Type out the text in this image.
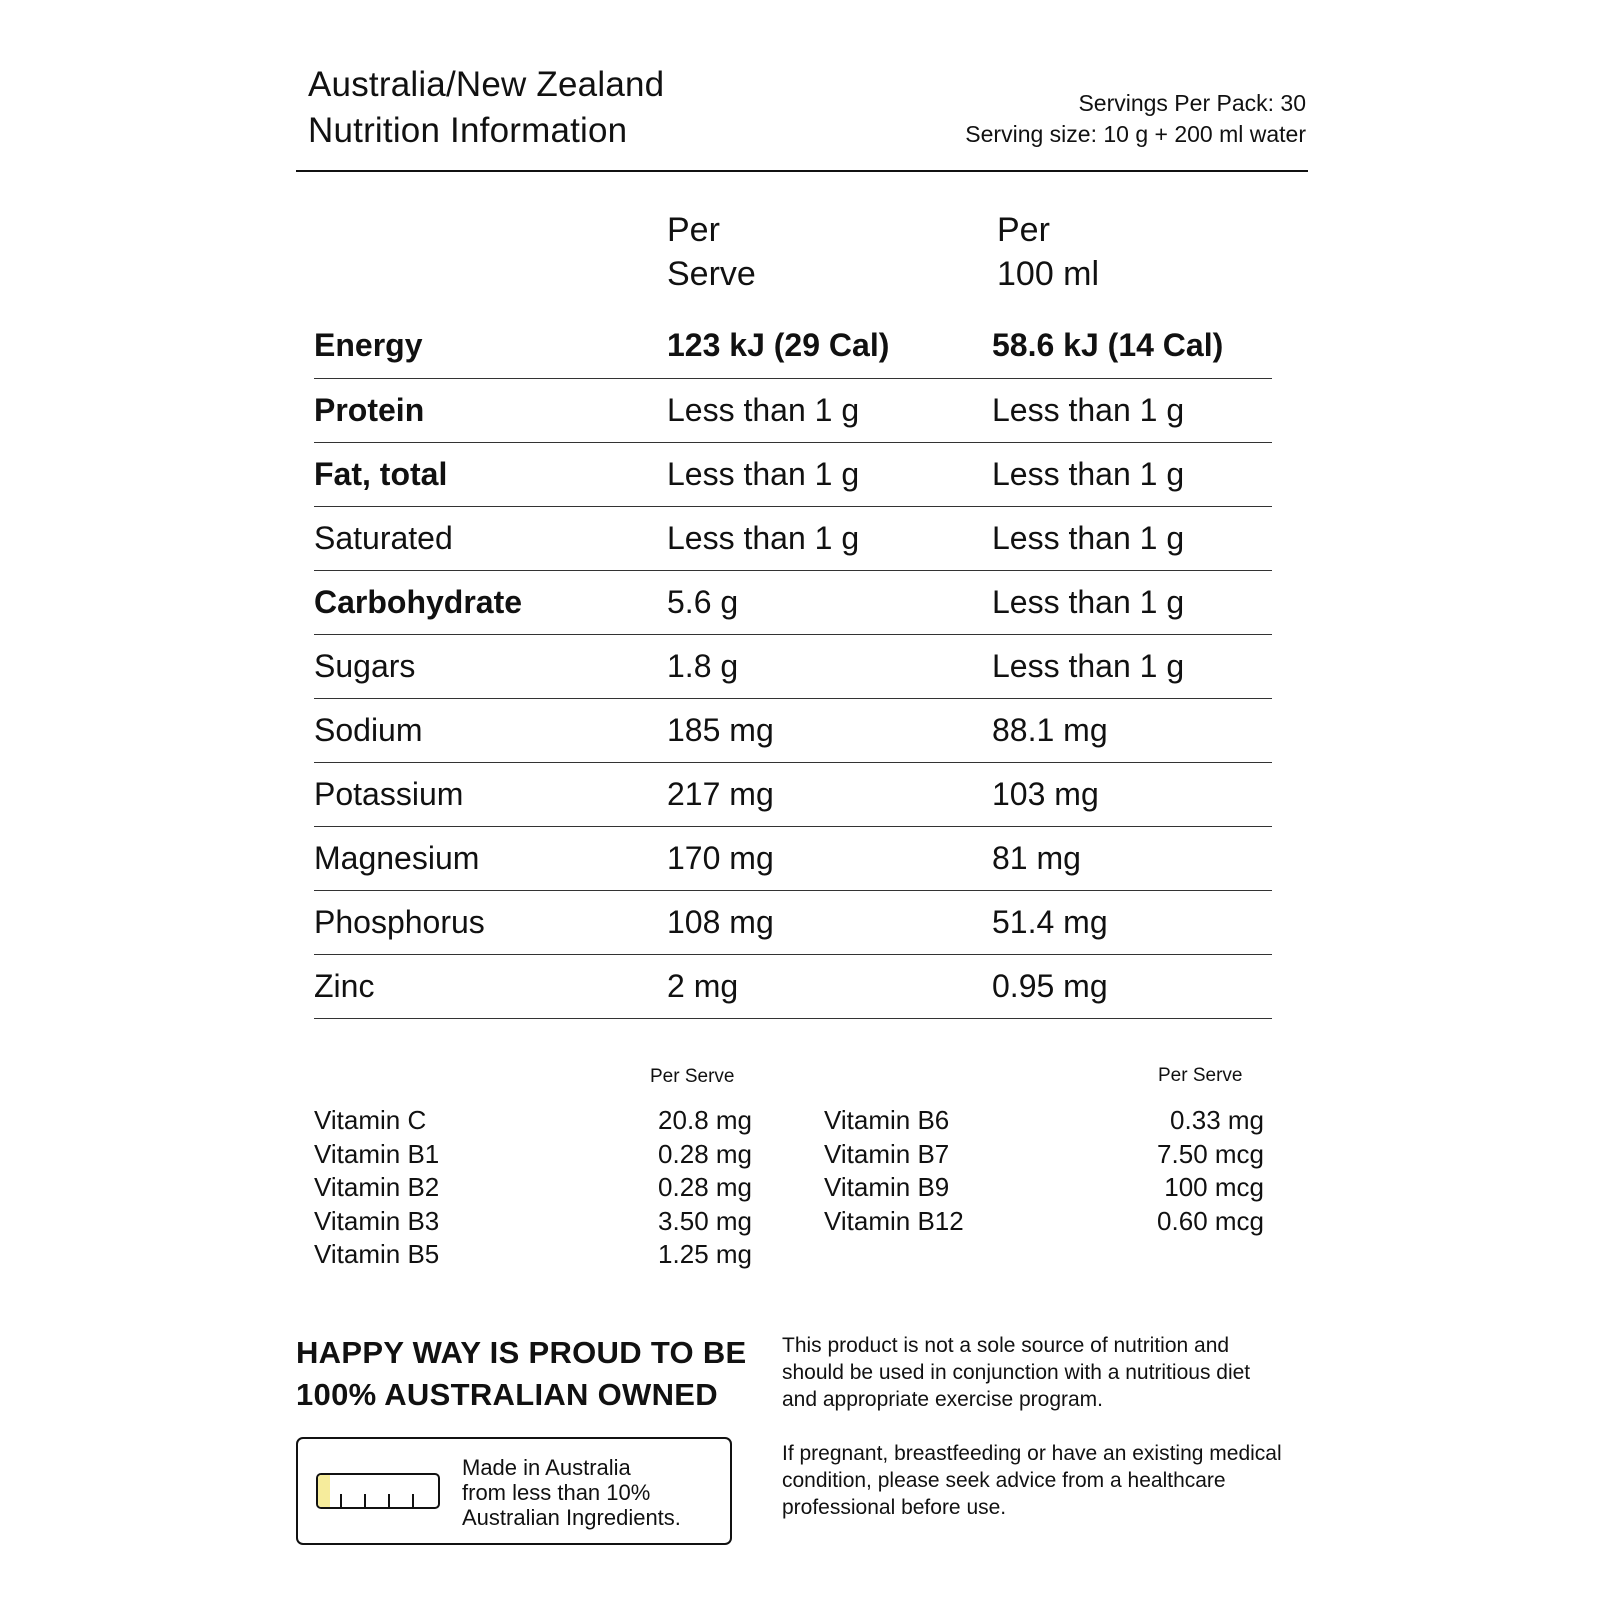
Australia/New Zealand
Nutrition Information
Servings Per Pack: 30
Serving size: 10 g + 200 ml water
Per
Serve
Per
100 ml
Energy	123 kJ (29 Cal)	58.6 kJ (14 Cal)
Protein	Less than 1 g	Less than 1 g
Fat, total	Less than 1 g	Less than 1 g
Saturated	Less than 1 g	Less than 1 g
Carbohydrate	5.6 g	Less than 1 g
Sugars	1.8 g	Less than 1 g
Sodium	185 mg	88.1 mg
Potassium	217 mg	103 mg
Magnesium	170 mg	81 mg
Phosphorus	108 mg	51.4 mg
Zinc	2 mg	0.95 mg
Per Serve	Per Serve
Vitamin C	20.8 mg
Vitamin B1	0.28 mg
Vitamin B2	0.28 mg
Vitamin B3	3.50 mg
Vitamin B5	1.25 mg
Vitamin B6	0.33 mg
Vitamin B7	7.50 mcg
Vitamin B9	100 mcg
Vitamin B12	0.60 mcg
HAPPY WAY IS PROUD TO BE
100% AUSTRALIAN OWNED
Made in Australia
from less than 10%
Australian Ingredients.

This product is not a sole source of nutrition and should be used in conjunction with a nutritious diet and appropriate exercise program.

If pregnant, breastfeeding or have an existing medical condition, please seek advice from a healthcare professional before use.
